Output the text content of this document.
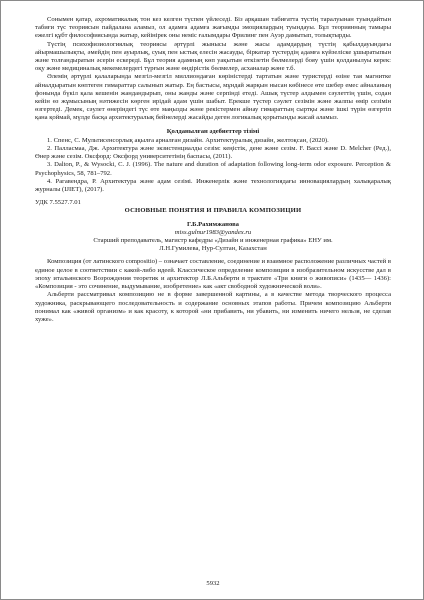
Сонымен қатар, ахроматикалық тон кез келген түспен үйлеседі. Біз арқашан табиғатта түстің таралуынан туындайтын табиғи түс теориясын пайдалана аламыз, ол адамға адамға жағымды эмоциялардың туындауы. Бұл теориянның тамыры ежелгі құбт философиясында жатыр, кейінірек оны неміс ғалымдары Фрилинг пен Ауэр дамытып, толықтырды.

Түстің психофизиологиялық теориясы әртүрлі жынысы және жасы адамдардың түстің қабылдауындағы айырмашылықты, әмейдің пен ауырлық, суық пен ыстық елесін жасауды, біркатар түстердің адамға күйзеліске ұшыратыпын және толғандыратын әсерін ескереді. Бұл теория адамның көп уақытын өткізетін бөлмелерді бояу үшін қолданылуы керек: оқу және медициналық мекемелердегі түрғын және өндірістік бөлмелер, асханалар және т.б.

Әлемің әртүрлі қалаларында мезгіл-мезгіл миллиондаған көріністерді тартатын және туристерді өзіне тая магнитке айналдыратын көптеген гимараттар салынып жатыр. Ең бастысы, мұндай жарқын нысан көбінесе өте шебер емес айналаның фонында бүкіл қала кешенін жандандырып, оны жанды және серпінді етеді. Ашық түстер алдымен сәулеттің үшін, содан кейін өз жұмысының нәтижесін көрген ирідай адам үшін шабыт. Ерекше түстер сәулет сезімін және жалпы өмір сезімін өзгертеді. Демек, сәулет өнеріндегі түс өте маңызды және рекістермен айнау гимараттың сыртқы және ішкі түрін өзгертіп қана қоймай, мүлде басқа архитектуралық бейнелерді жасайды деген логикалық қорытынды жасай аламыз.

Қолданылған әдебиеттер тізімі

1. Спенс, С. Мультисенсорлық ақылға арналған дизайн. Архитектуралық дизайн, желтоқсан, (2020).

2. Палласмаа, Дж. Архитектура және экзистенциалды сезім: кеңістік, дене және сезім. F. Вассі және D. Melcher (Ред.), Өнер және сезім. Оксфорд: Оксфорд университетінің баспасы, (2011).

3. Dalton, P., & Wysocki, C. J. (1996). The nature and duration of adaptation following long-term odor exposure. Perception & Psychophysics, 58, 781–792.

4. Рагавендра, Р. Архитектура және адам сезімі. Инженерлік және технологиядағы инновациялардың халықаралық журналы (IJIET), (2017).

УДК 7.5527.7.01

ОСНОВНЫЕ ПОНЯТИЯ И ПРАВИЛА КОМПОЗИЦИИ

Г.Б.Рахимжанова

miss.gulnur1983@yandex.ru

Старший преподаватель, магистр кафедры «Дизайн и инженерная графика» ЕНУ им.

Л.Н.Гумилева, Нур-Султан, Казахстан

Композиция (от латинского compositio) – означает составление, соединение и взаимное расположение различных частей в единое целое в соответствии с какой-либо идеей. Классическое определение композиции в изобразительном искусстве дал в эпоху итальянского Возрождения теоретик и архитектор Л.Б.Альберти в трактате «Три книги о живописи» (1435— 1436): «Композиция - это сочинение, выдумывание, изобретение» как «акт свободной художнической воли».

Альберти рассматривал композицию не в форме завершенной картины, а в качестве метода творческого процесса художника, раскрывающего последовательность и содержание основных этапов работы. Причем композицию Альберти понимал как «живой организм» и как красоту, к которой «ни прибавить, ни убавить, ни изменить ничего нельзя, не сделав хуже».

5932
